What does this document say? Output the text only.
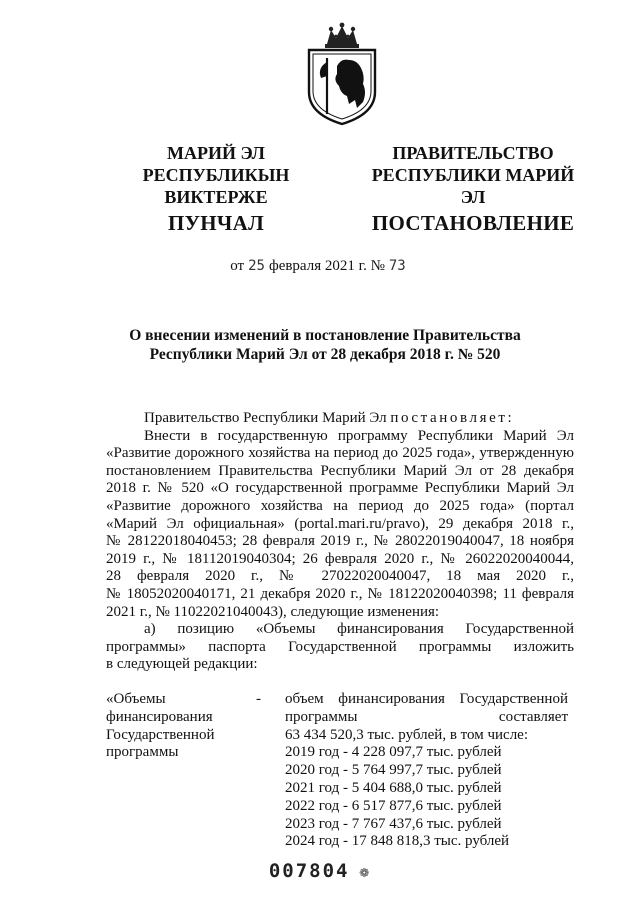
МАРИЙ ЭЛ РЕСПУБЛИКЫН
ВИКТЕРЖЕ
ПУНЧАЛ
ПРАВИТЕЛЬСТВО
РЕСПУБЛИКИ МАРИЙ ЭЛ
ПОСТАНОВЛЕНИЕ
от 25 февраля 2021 г. № 73
О внесении изменений в постановление Правительства
Республики Марий Эл от 28 декабря 2018 г. № 520
Правительство Республики Марий Эл постановляет:
Внести в государственную программу Республики Марий Эл
«Развитие дорожного хозяйства на период до 2025 года», утвержденную
постановлением Правительства Республики Марий Эл от 28 декабря
2018 г. № 520 «О государственной программе Республики Марий Эл
«Развитие дорожного хозяйства на период до 2025 года» (портал
«Марий Эл официальная» (portal.mari.ru/pravo), 29 декабря 2018 г.,
№ 28122018040453; 28 февраля 2019 г., № 28022019040047, 18 ноября
2019 г., № 18112019040304; 26 февраля 2020 г., № 26022020040044,
28 февраля 2020 г., № 27022020040047, 18 мая 2020 г.,
№ 18052020040171, 21 декабря 2020 г., № 18122020040398; 11 февраля
2021 г., № 11022021040043), следующие изменения:
а) позицию «Объемы финансирования Государственной
программы» паспорта Государственной программы изложить
в следующей редакции:
«Объемы
финансирования
Государственной
программы
- объем финансирования Государственной
программы составляет
63 434 520,3 тыс. рублей, в том числе:
2019 год - 4 228 097,7 тыс. рублей
2020 год - 5 764 997,7 тыс. рублей
2021 год - 5 404 688,0 тыс. рублей
2022 год - 6 517 877,6 тыс. рублей
2023 год - 7 767 437,6 тыс. рублей
2024 год - 17 848 818,3 тыс. рублей
007804 ❁
